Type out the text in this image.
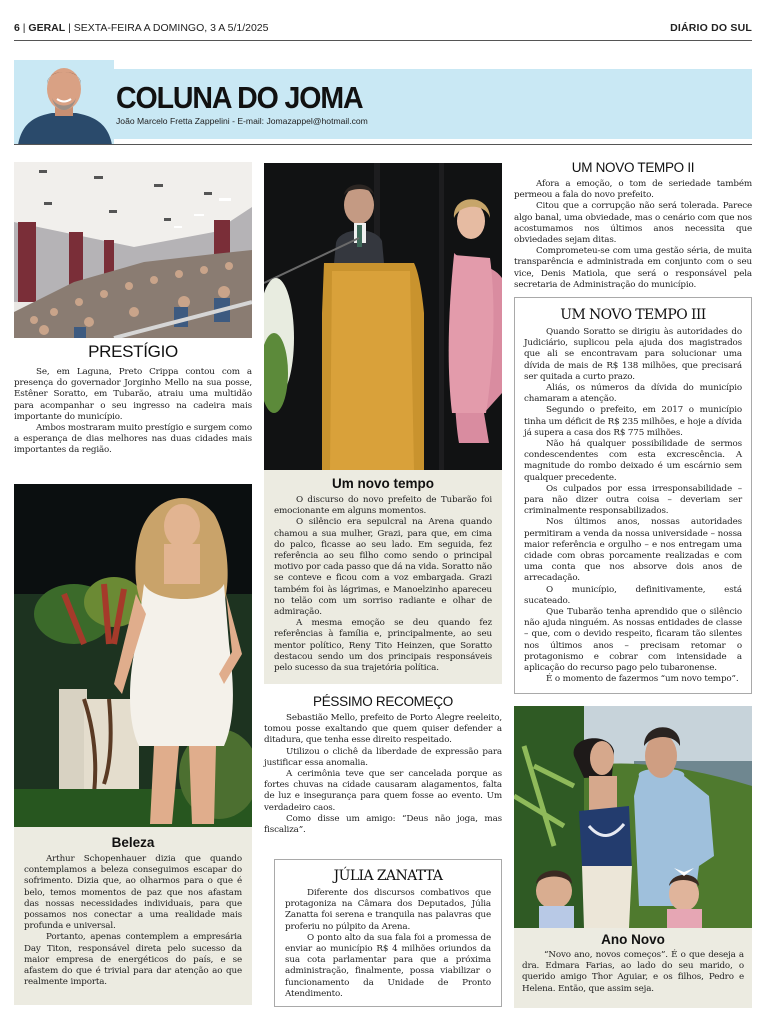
6 | GERAL | SEXTA-FEIRA A DOMINGO, 3 A 5/1/2025	DIÁRIO DO SUL
COLUNA DO JOMA
João Marcelo Fretta Zappelini - E-mail: Jomazappel@hotmail.com
PRESTÍGIO

Se, em Laguna, Preto Crippa contou com a presença do governador Jorginho Mello na sua posse, Estêner Soratto, em Tubarão, atraiu uma multidão para acompanhar o seu ingresso na cadeira mais importante do município.

Ambos mostraram muito prestígio e surgem como a esperança de dias melhores nas duas cidades mais importantes da região.

Beleza

Arthur Schopenhauer dizia que quando contemplamos a beleza conseguimos escapar do sofrimento. Dizia que, ao olharmos para o que é belo, temos momentos de paz que nos afastam das nossas necessidades individuais, para que possamos nos conectar a uma realidade mais profunda e universal.

Portanto, apenas contemplem a empresária Day Titon, responsável direta pelo sucesso da maior empresa de energéticos do país, e se afastem do que é trivial para dar atenção ao que realmente importa.

Um novo tempo

O discurso do novo prefeito de Tubarão foi emocionante em alguns momentos.

O silêncio era sepulcral na Arena quando chamou a sua mulher, Grazi, para que, em cima do palco, ficasse ao seu lado. Em seguida, fez referência ao seu filho como sendo o principal motivo por cada passo que dá na vida. Soratto não se conteve e ficou com a voz embargada. Grazi também foi às lágrimas, e Manoelzinho apareceu no telão com um sorriso radiante e olhar de admiração.

A mesma emoção se deu quando fez referências à família e, principalmente, ao seu mentor político, Reny Tito Heinzen, que Soratto destacou sendo um dos principais responsáveis pelo sucesso da sua trajetória política.

PÉSSIMO RECOMEÇO

Sebastião Mello, prefeito de Porto Alegre reeleito, tomou posse exaltando que quem quiser defender a ditadura, que tenha esse direito respeitado.

Utilizou o clichê da liberdade de expressão para justificar essa anomalia.

A cerimônia teve que ser cancelada porque as fortes chuvas na cidade causaram alagamentos, falta de luz e insegurança para quem fosse ao evento. Um verdadeiro caos.

Como disse um amigo: “Deus não joga, mas fiscaliza”.

JÚLIA ZANATTA

Diferente dos discursos combativos que protagoniza na Câmara dos Deputados, Júlia Zanatta foi serena e tranquila nas palavras que proferiu no púlpito da Arena.

O ponto alto da sua fala foi a promessa de enviar ao município R$ 4 milhões oriundos da sua cota parlamentar para que a próxima administração, finalmente, possa viabilizar o funcionamento da Unidade de Pronto Atendimento.

UM NOVO TEMPO II

Afora a emoção, o tom de seriedade também permeou a fala do novo prefeito.

Citou que a corrupção não será tolerada. Parece algo banal, uma obviedade, mas o cenário com que nos acostumamos nos últimos anos necessita que obviedades sejam ditas.

Comprometeu-se com uma gestão séria, de muita transparência e administrada em conjunto com o seu vice, Denis Matiola, que será o responsável pela secretaria de Administração do município.

UM NOVO TEMPO III

Quando Soratto se dirigiu às autoridades do Judiciário, suplicou pela ajuda dos magistrados que ali se encontravam para solucionar uma dívida de mais de R$ 138 milhões, que precisará ser quitada a curto prazo.

Aliás, os números da dívida do município chamaram a atenção.

Segundo o prefeito, em 2017 o município tinha um déficit de R$ 235 milhões, e hoje a dívida já supera a casa dos R$ 775 milhões.

Não há qualquer possibilidade de sermos condescendentes com esta excrescência. A magnitude do rombo deixado é um escárnio sem qualquer precedente.

Os culpados por essa irresponsabilidade – para não dizer outra coisa – deveriam ser criminalmente responsabilizados.

Nos últimos anos, nossas autoridades permitiram a venda da nossa universidade – nossa maior referência e orgulho – e nos entregam uma cidade com obras porcamente realizadas e com uma conta que nos absorve dois anos de arrecadação.

O município, definitivamente, está sucateado.

Que Tubarão tenha aprendido que o silêncio não ajuda ninguém. As nossas entidades de classe – que, com o devido respeito, ficaram tão silentes nos últimos anos – precisam retomar o protagonismo e cobrar com intensidade a aplicação do recurso pago pelo tubaronense.

É o momento de fazermos “um novo tempo”.

Ano Novo

“Novo ano, novos começos”. É o que deseja a dra. Edmara Farias, ao lado do seu marido, o querido amigo Thor Aguiar, e os filhos, Pedro e Helena. Então, que assim seja.
